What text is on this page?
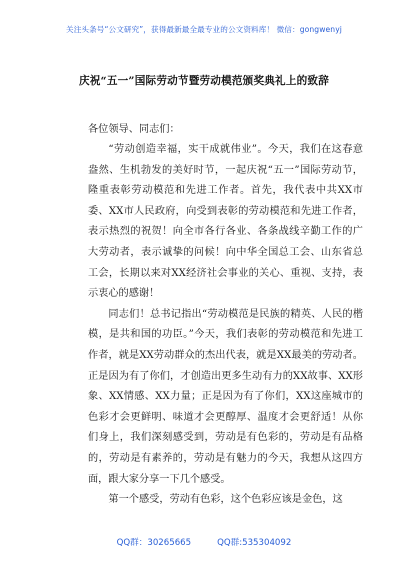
关注头条号“公文研究”，获得最新最全最专业的公文资料库！ 微信：gongwenyj
庆祝“五一”国际劳动节暨劳动模范颁奖典礼上的致辞
各位领导、同志们：

“劳动创造幸福，实干成就伟业”。今天，我们在这春意盎然、生机勃发的美好时节，一起庆祝“五一”国际劳动节，隆重表彰劳动模范和先进工作者。首先，我代表中共XX市委、XX市人民政府，向受到表彰的劳动模范和先进工作者，表示热烈的祝贺！向全市各行各业、各条战线辛勤工作的广大劳动者，表示诚挚的问候！向中华全国总工会、山东省总工会，长期以来对XX经济社会事业的关心、重视、支持，表示衷心的感谢！

同志们！总书记指出“劳动模范是民族的精英、人民的楷模，是共和国的功臣。”今天，我们表彰的劳动模范和先进工作者，就是XX劳动群众的杰出代表，就是XX最美的劳动者。正是因为有了你们，才创造出更多生动有力的XX故事、XX形象、XX情感、XX力量；正是因为有了你们，XX这座城市的色彩才会更鲜明、味道才会更醇厚、温度才会更舒适！从你们身上，我们深刻感受到，劳动是有色彩的，劳动是有品格的，劳动是有素养的，劳动是有魅力的今天，我想从这四方面，跟大家分享一下几个感受。

第一个感受，劳动有色彩，这个色彩应该是金色，这

QQ群：30265665	QQ群:535304092
